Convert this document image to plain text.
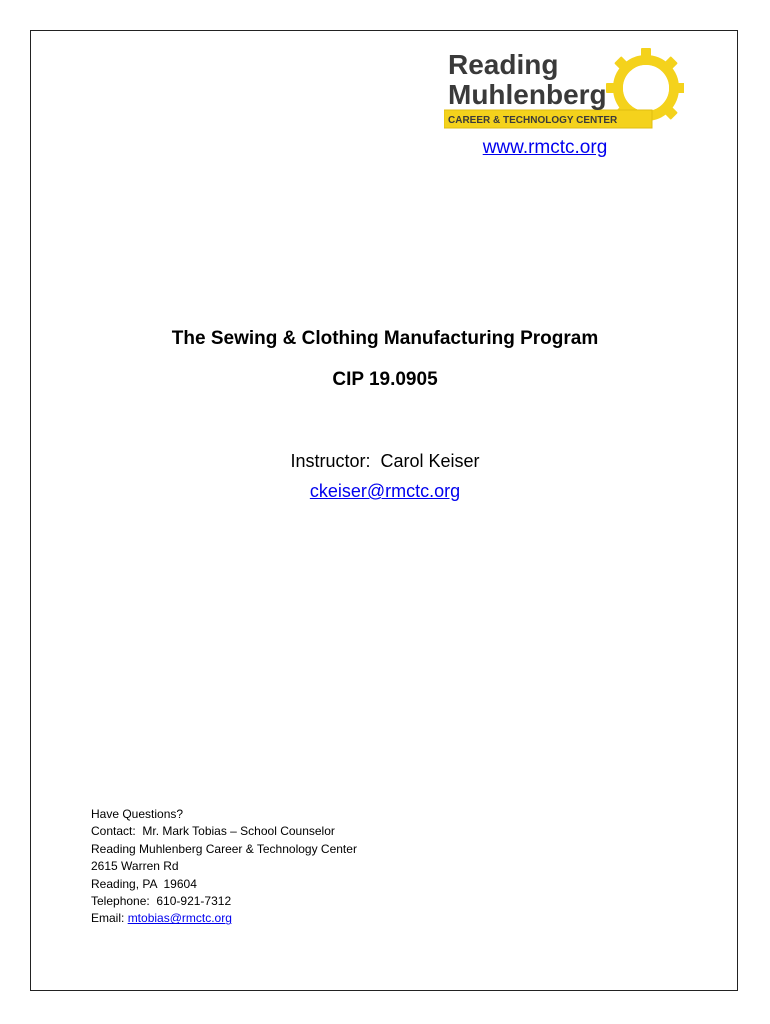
Reading
Muhlenberg
CAREER & TECHNOLOGY CENTER
www.rmctc.org
The Sewing & Clothing Manufacturing Program
CIP 19.0905
Instructor:  Carol Keiser
ckeiser@rmctc.org
Have Questions?
Contact:  Mr. Mark Tobias – School Counselor
Reading Muhlenberg Career & Technology Center
2615 Warren Rd
Reading, PA  19604
Telephone:  610-921-7312
Email: mtobias@rmctc.org
